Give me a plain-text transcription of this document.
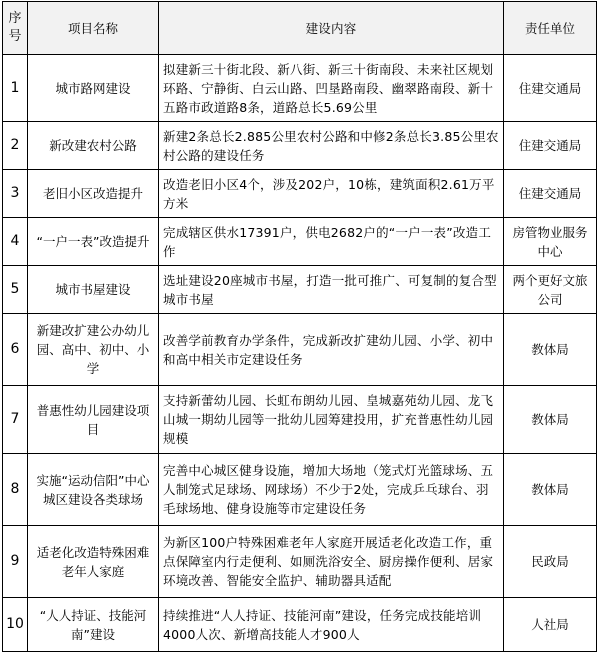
序号	项目名称	建设内容	责任单位
1	城市路网建设	拟建新三十街北段、新八街、新三十街南段、未来社区规划环路、宁静街、白云山路、凹垦路南段、幽翠路南段、新十五路市政道路8条，道路总长5.69公里	住建交通局
2	新改建农村公路	新建2条总长2.885公里农村公路和中修2条总长3.85公里农村公路的建设任务	住建交通局
3	老旧小区改造提升	改造老旧小区4个，涉及202户，10栋，建筑面积2.61万平方米	住建交通局
4	“一户一表”改造提升	完成辖区供水17391户，供电2682户的“一户一表”改造工作	房管物业服务中心
5	城市书屋建设	选址建设20座城市书屋，打造一批可推广、可复制的复合型城市书屋	两个更好文旅公司
6	新建改扩建公办幼儿园、高中、初中、小学	改善学前教育办学条件，完成新改扩建幼儿园、小学、初中和高中相关市定建设任务	教体局
7	普惠性幼儿园建设项目	支持新蕾幼儿园、长虹布朗幼儿园、皇城嘉苑幼儿园、龙飞山城一期幼儿园等一批幼儿园筹建投用，扩充普惠性幼儿园规模	教体局
8	实施“运动信阳”中心城区建设各类球场	完善中心城区健身设施，增加大场地（笼式灯光篮球场、五人制笼式足球场、网球场）不少于2处，完成乒乓球台、羽毛球场地、健身设施等市定建设任务	教体局
9	适老化改造特殊困难老年人家庭	为新区100户特殊困难老年人家庭开展适老化改造工作，重点保障室内行走便利、如厕洗浴安全、厨房操作便利、居家环境改善、智能安全监护、辅助器具适配	民政局
10	“人人持证、技能河南”建设	持续推进“人人持证、技能河南”建设，任务完成技能培训4000人次、新增高技能人才900人	人社局
